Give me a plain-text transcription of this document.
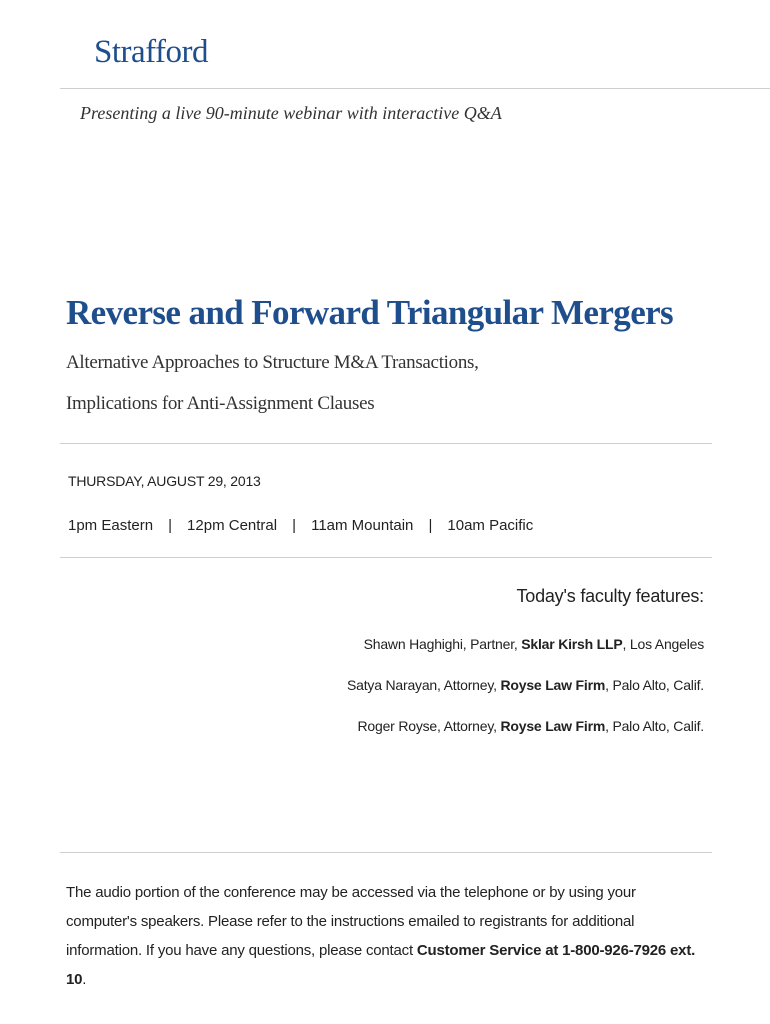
Strafford
Presenting a live 90-minute webinar with interactive Q&A
Reverse and Forward Triangular Mergers
Alternative Approaches to Structure M&A Transactions,
Implications for Anti-Assignment Clauses
THURSDAY, AUGUST 29, 2013
1pm Eastern | 12pm Central | 11am Mountain | 10am Pacific
Today's faculty features:
Shawn Haghighi, Partner, Sklar Kirsh LLP, Los Angeles
Satya Narayan, Attorney, Royse Law Firm, Palo Alto, Calif.
Roger Royse, Attorney, Royse Law Firm, Palo Alto, Calif.
The audio portion of the conference may be accessed via the telephone or by using your computer's speakers. Please refer to the instructions emailed to registrants for additional information. If you have any questions, please contact Customer Service at 1-800-926-7926 ext. 10.
